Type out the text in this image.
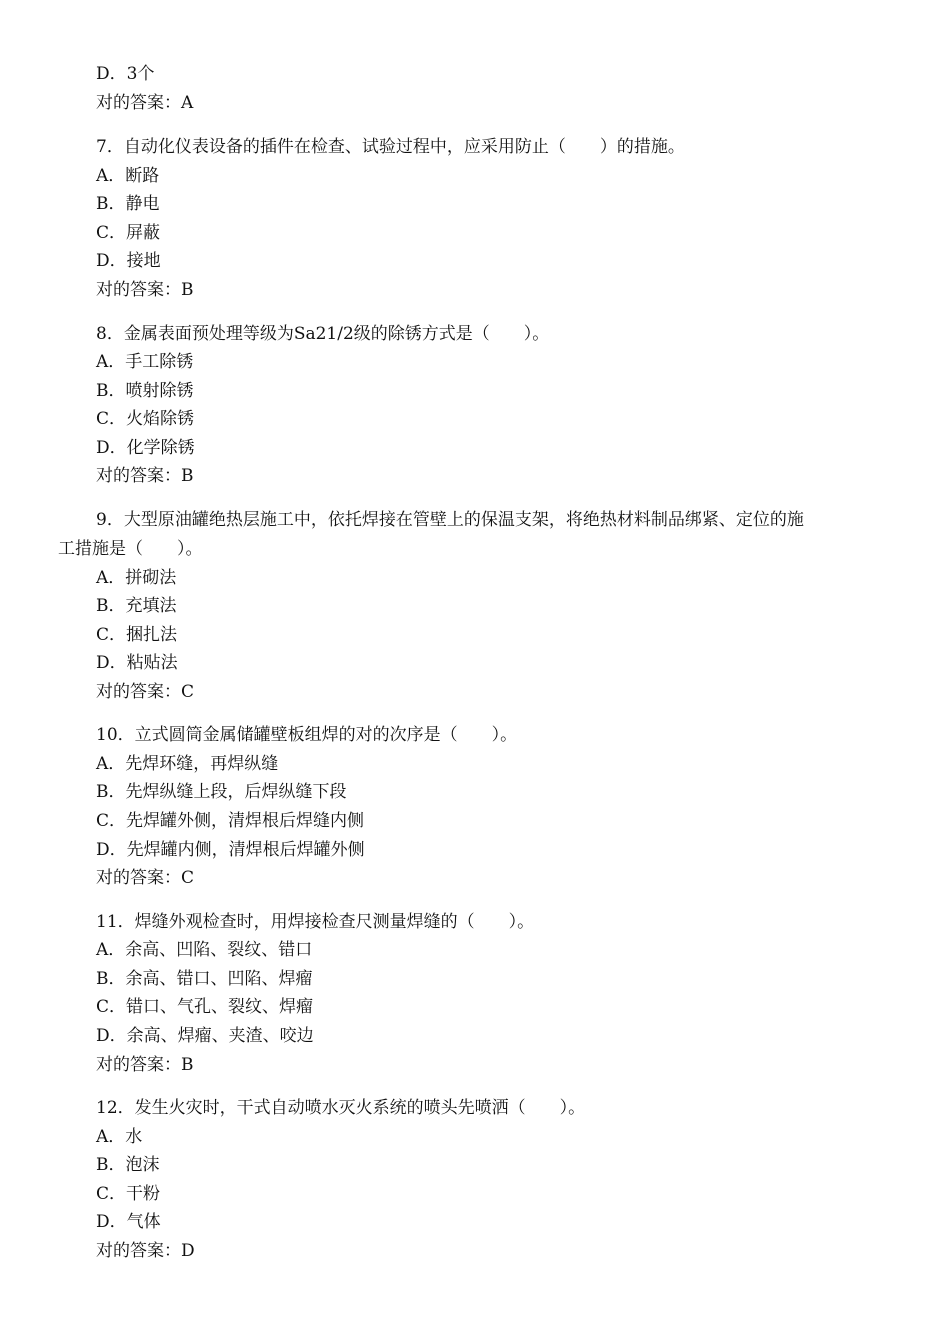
D．3个
对的答案：A
7．自动化仪表设备的插件在检查、试验过程中，应采用防止（　　）的措施。
A．断路
B．静电
C．屏蔽
D．接地
对的答案：B
8．金属表面预处理等级为Sa21/2级的除锈方式是（　　）。
A．手工除锈
B．喷射除锈
C．火焰除锈
D．化学除锈
对的答案：B
9．大型原油罐绝热层施工中，依托焊接在管壁上的保温支架，将绝热材料制品绑紧、定位的施
工措施是（　　）。
A．拼砌法
B．充填法
C．捆扎法
D．粘贴法
对的答案：C
10．立式圆筒金属储罐壁板组焊的对的次序是（　　）。
A．先焊环缝，再焊纵缝
B．先焊纵缝上段，后焊纵缝下段
C．先焊罐外侧，清焊根后焊缝内侧
D．先焊罐内侧，清焊根后焊罐外侧
对的答案：C
11．焊缝外观检查时，用焊接检查尺测量焊缝的（　　）。
A．余高、凹陷、裂纹、错口
B．余高、错口、凹陷、焊瘤
C．错口、气孔、裂纹、焊瘤
D．余高、焊瘤、夹渣、咬边
对的答案：B
12．发生火灾时，干式自动喷水灭火系统的喷头先喷洒（　　）。
A．水
B．泡沫
C．干粉
D．气体
对的答案：D
